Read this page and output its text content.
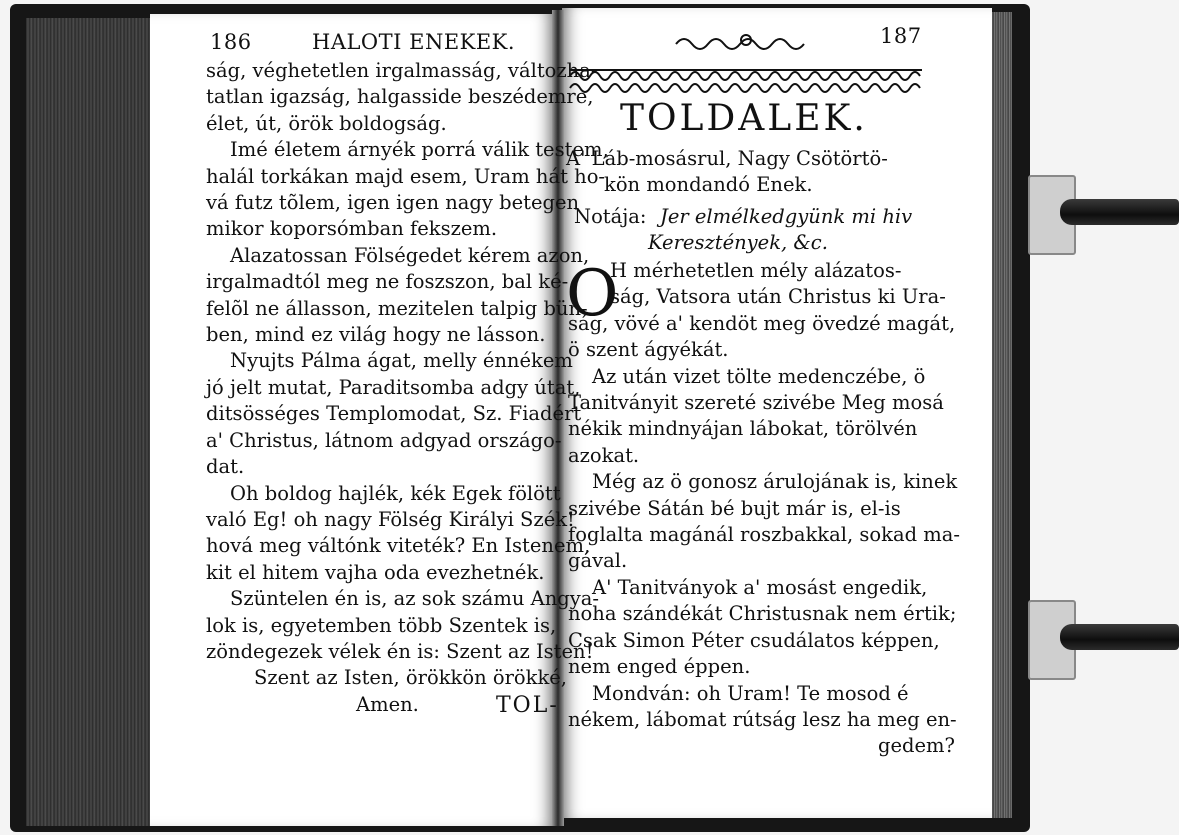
186	HALOTI ENEKEK.
ság, véghetetlen irgalmasság, változha-
tatlan igazság, halgasside beszédemre,
élet, út, örök boldogság.
Imé életem árnyék porrá válik testem,
halál torkákan majd esem, Uram hát ho-
vá futz tõlem, igen igen nagy betegen
mikor koporsómban fekszem.
Alazatossan Fölségedet kérem azon,
irgalmadtól meg ne foszszon, bal ké-
felõl ne állasson, mezitelen talpig bün-
ben, mind ez világ hogy ne lásson.
Nyujts Pálma ágat, melly énnékem
jó jelt mutat, Paraditsomba adgy útat,
ditsösséges Templomodat, Sz. Fiadért
a' Christus, látnom adgyad országo-
dat.
Oh boldog hajlék, kék Egek fölött
való Eg! oh nagy Fölség Királyi Szék!
hová meg váltónk viteték? En Istenem,
kit el hitem vajha oda evezhetnék.
Szüntelen én is, az sok számu Angya-
lok is, egyetemben több Szentek is,
zöndegezek vélek én is: Szent az Isten!
Szent az Isten, örökkön örökké,
Amen.	TOL-
187
TOLDALEK.
A' Láb-mosásrul, Nagy Csötörtö-
kön mondandó Enek.
Notája: Jer elmélkedgyünk mi hiv
Keresztények, &c.
O
H mérhetetlen mély alázatos-
ság, Vatsora után Christus ki Ura-
ság, vövé a' kendöt meg övedzé magát,
ö szent ágyékát.
Az után vizet tölte medenczébe, ö
Tanitványit szereté szivébe Meg mosá
nékik mindnyájan lábokat, törölvén
azokat.
Még az ö gonosz árulojának is, kinek
szivébe Sátán bé bujt már is, el-is
foglalta magánál roszbakkal, sokad ma-
gával.
A' Tanitványok a' mosást engedik,
noha szándékát Christusnak nem értik;
Csak Simon Péter csudálatos képpen,
nem enged éppen.
Mondván: oh Uram! Te mosod é
nékem, lábomat rútság lesz ha meg en-
gedem?
